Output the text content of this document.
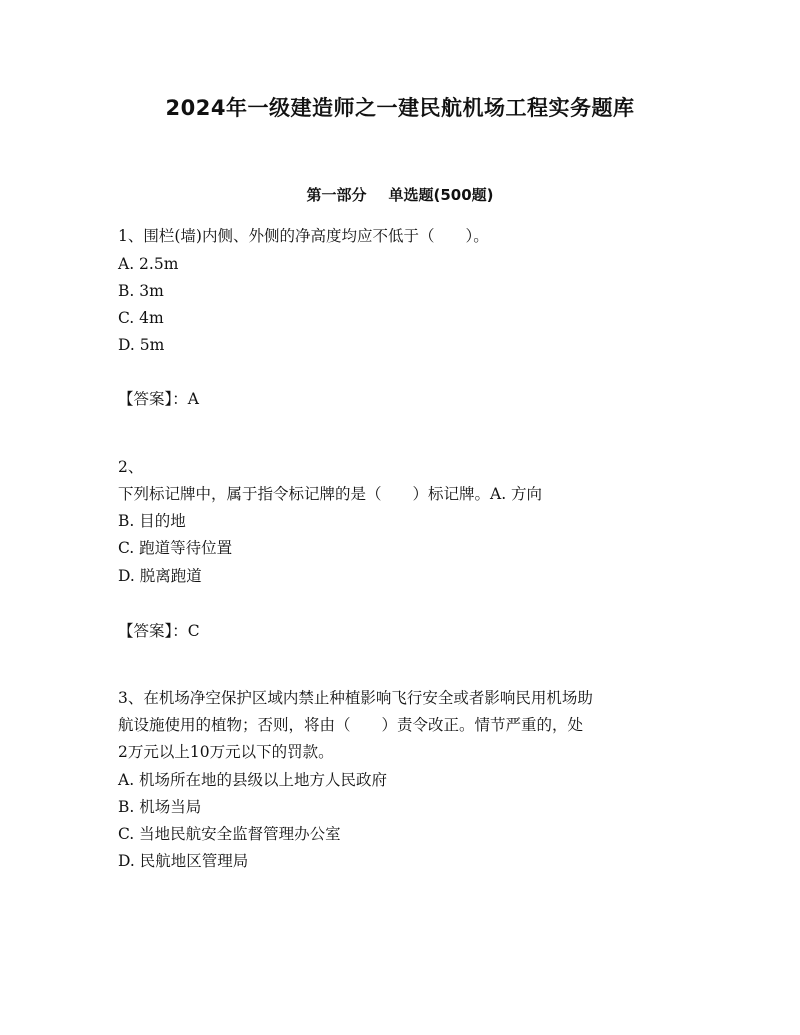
2024年一级建造师之一建民航机场工程实务题库
第一部分 单选题(500题)

1、围栏(墙)内侧、外侧的净高度均应不低于（　　）。

A. 2.5m

B. 3m

C. 4m

D. 5m

【答案】：A

2、

下列标记牌中，属于指令标记牌的是（　　）标记牌。A. 方向

B. 目的地

C. 跑道等待位置

D. 脱离跑道

【答案】：C

3、在机场净空保护区域内禁止种植影响飞行安全或者影响民用机场助

航设施使用的植物；否则，将由（　　）责令改正。情节严重的，处

2万元以上10万元以下的罚款。

A. 机场所在地的县级以上地方人民政府

B. 机场当局

C. 当地民航安全监督管理办公室

D. 民航地区管理局
